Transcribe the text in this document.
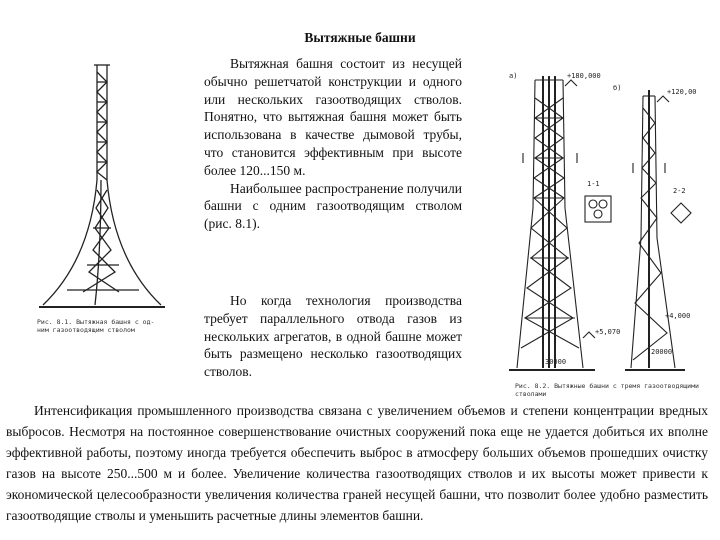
Вытяжные башни

Вытяжная башня состоит из несущей обычно решетчатой конструкции и одного или нескольких газоотводящих стволов. Понятно, что вытяжная башня может быть использована в качестве дымовой трубы, что становится эффективным при высоте более 120...150 м.

Наибольшее распространение получили башни с одним газоотводящим стволом (рис. 8.1).

Но когда технология производства требует параллельного отвода газов из нескольких агрегатов, в одной башне может быть размещено несколько газоотводящих стволов.

Интенсификация промышленного производства связана с увеличением объемов и степени концентрации вредных выбросов. Несмотря на постоянное совершенствование очистных сооружений пока еще не удается добиться их вполне эффективной работы, поэтому иногда требуется обеспечить выброс в атмосферу больших объемов прошедших очистку газов на высоте 250...500 м и более. Увеличение количества газоотводящих стволов и их высоты может привести к экономической целесообразности увеличения количества граней несущей башни, что позволит более удобно разместить газоотводящие стволы и уменьшить расчетные длины элементов башни.

Рис. 8.1. Вытяжная башня с од-
ним газоотводящим стволом
а)
б)
+180,000
+120,00
+5,070
+4,000
20000
30000
1-1
2-2
Рис. 8.2. Вытяжные башни с тремя газоотводящими
стволами
